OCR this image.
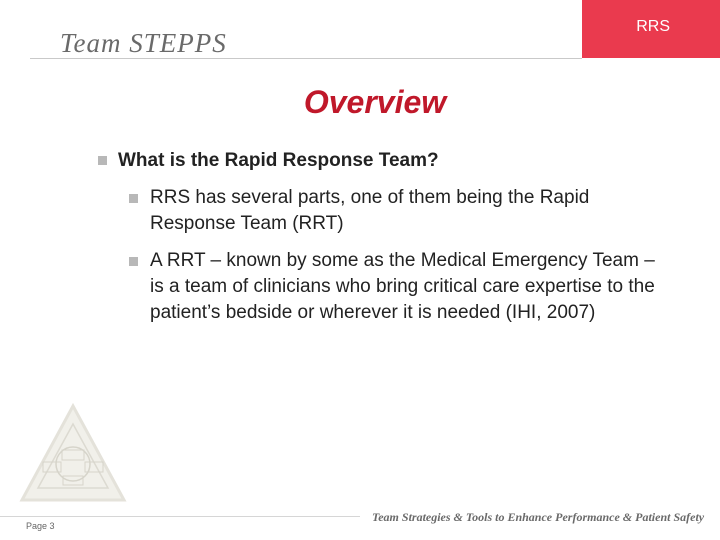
Team STEPPS
RRS
Overview
What is the Rapid Response Team?
RRS has several parts, one of them being the Rapid Response Team (RRT)
A RRT – known by some as the Medical Emergency Team – is a team of clinicians who bring critical care expertise to the patient’s bedside or wherever it is needed (IHI, 2007)
Page 3
Team Strategies & Tools to Enhance Performance & Patient Safety
